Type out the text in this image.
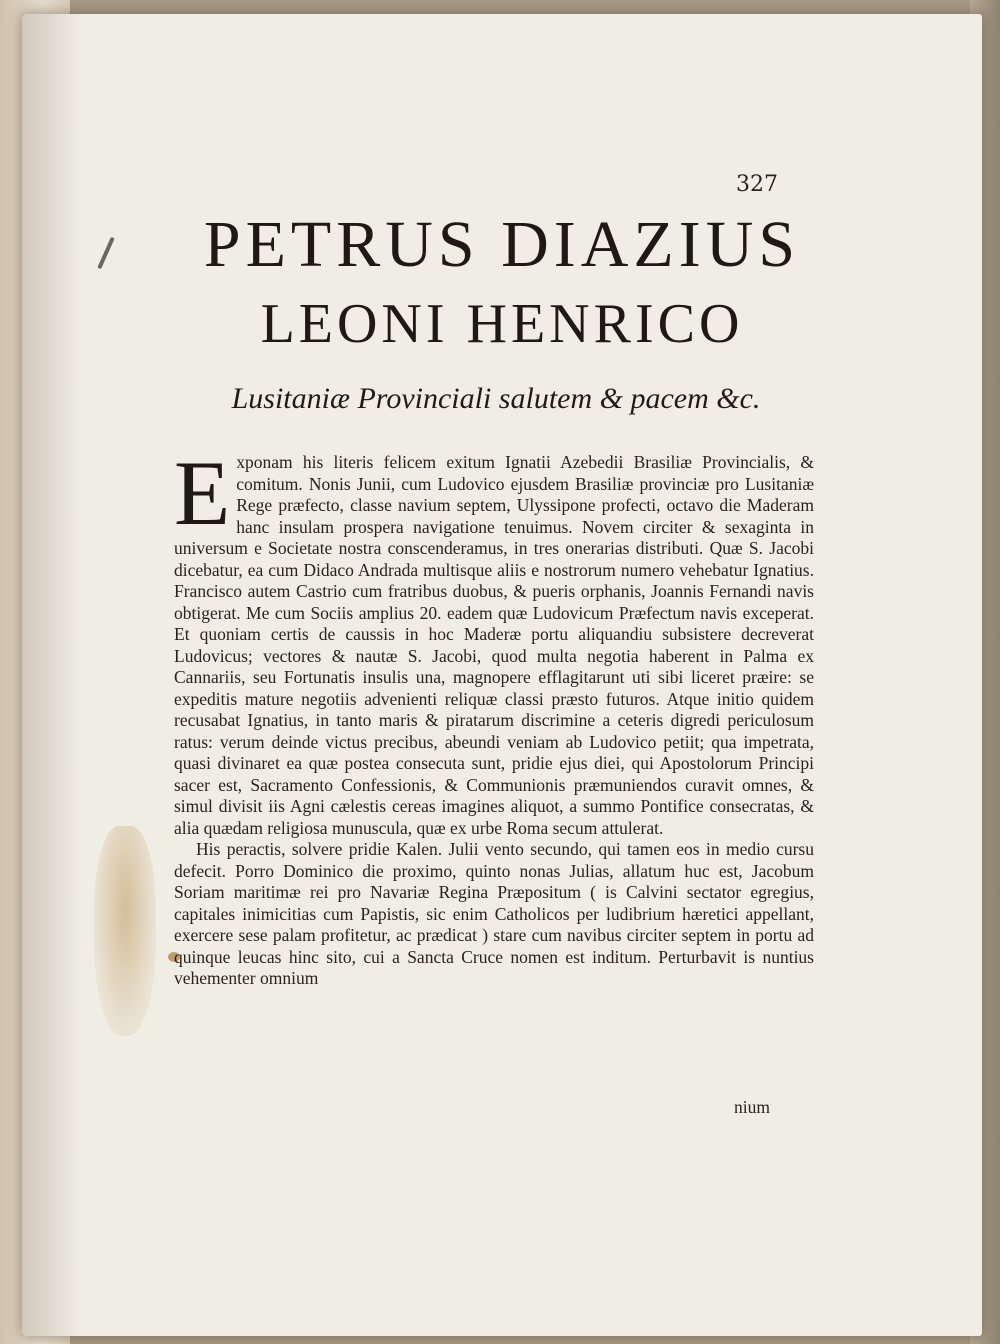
327
PETRUS DIAZIUS
LEONI HENRICO

Lusitaniæ Provinciali salutem & pacem &c.

Exponam his literis felicem exitum Ignatii Azebedii Brasiliæ Provincialis, & comitum. Nonis Junii, cum Ludovico ejusdem Brasiliæ provinciæ pro Lusitaniæ Rege præfecto, classe navium septem, Ulyssipone profecti, octavo die Maderam hanc insulam prospera navigatione tenuimus. Novem circiter & sexaginta in universum e Societate nostra conscenderamus, in tres onerarias distributi. Quæ S. Jacobi dicebatur, ea cum Didaco Andrada multisque aliis e nostrorum numero vehebatur Ignatius. Francisco autem Castrio cum fratribus duobus, & pueris orphanis, Joannis Fernandi navis obtigerat. Me cum Sociis amplius 20. eadem quæ Ludovicum Præfectum navis exceperat. Et quoniam certis de caussis in hoc Maderæ portu aliquandiu subsistere decreverat Ludovicus; vectores & nautæ S. Jacobi, quod multa negotia haberent in Palma ex Cannariis, seu Fortunatis insulis una, magnopere efflagitarunt uti sibi liceret præire: se expeditis mature negotiis advenienti reliquæ classi præsto futuros. Atque initio quidem recusabat Ignatius, in tanto maris & piratarum discrimine a ceteris digredi periculosum ratus: verum deinde victus precibus, abeundi veniam ab Ludovico petiit; qua impetrata, quasi divinaret ea quæ postea consecuta sunt, pridie ejus diei, qui Apostolorum Principi sacer est, Sacramento Confessionis, & Communionis præmuniendos curavit omnes, & simul divisit iis Agni cælestis cereas imagines aliquot, a summo Pontifice consecratas, & alia quædam religiosa munuscula, quæ ex urbe Roma secum attulerat.

His peractis, solvere pridie Kalen. Julii vento secundo, qui tamen eos in medio cursu defecit. Porro Dominico die proximo, quinto nonas Julias, allatum huc est, Jacobum Soriam maritimæ rei pro Navariæ Regina Præpositum ( is Calvini sectator egregius, capitales inimicitias cum Papistis, sic enim Catholicos per ludibrium hæretici appellant, exercere sese palam profitetur, ac prædicat ) stare cum navibus circiter septem in portu ad quinque leucas hinc sito, cui a Sancta Cruce nomen est inditum. Perturbavit is nuntius vehementer omnium

nium
